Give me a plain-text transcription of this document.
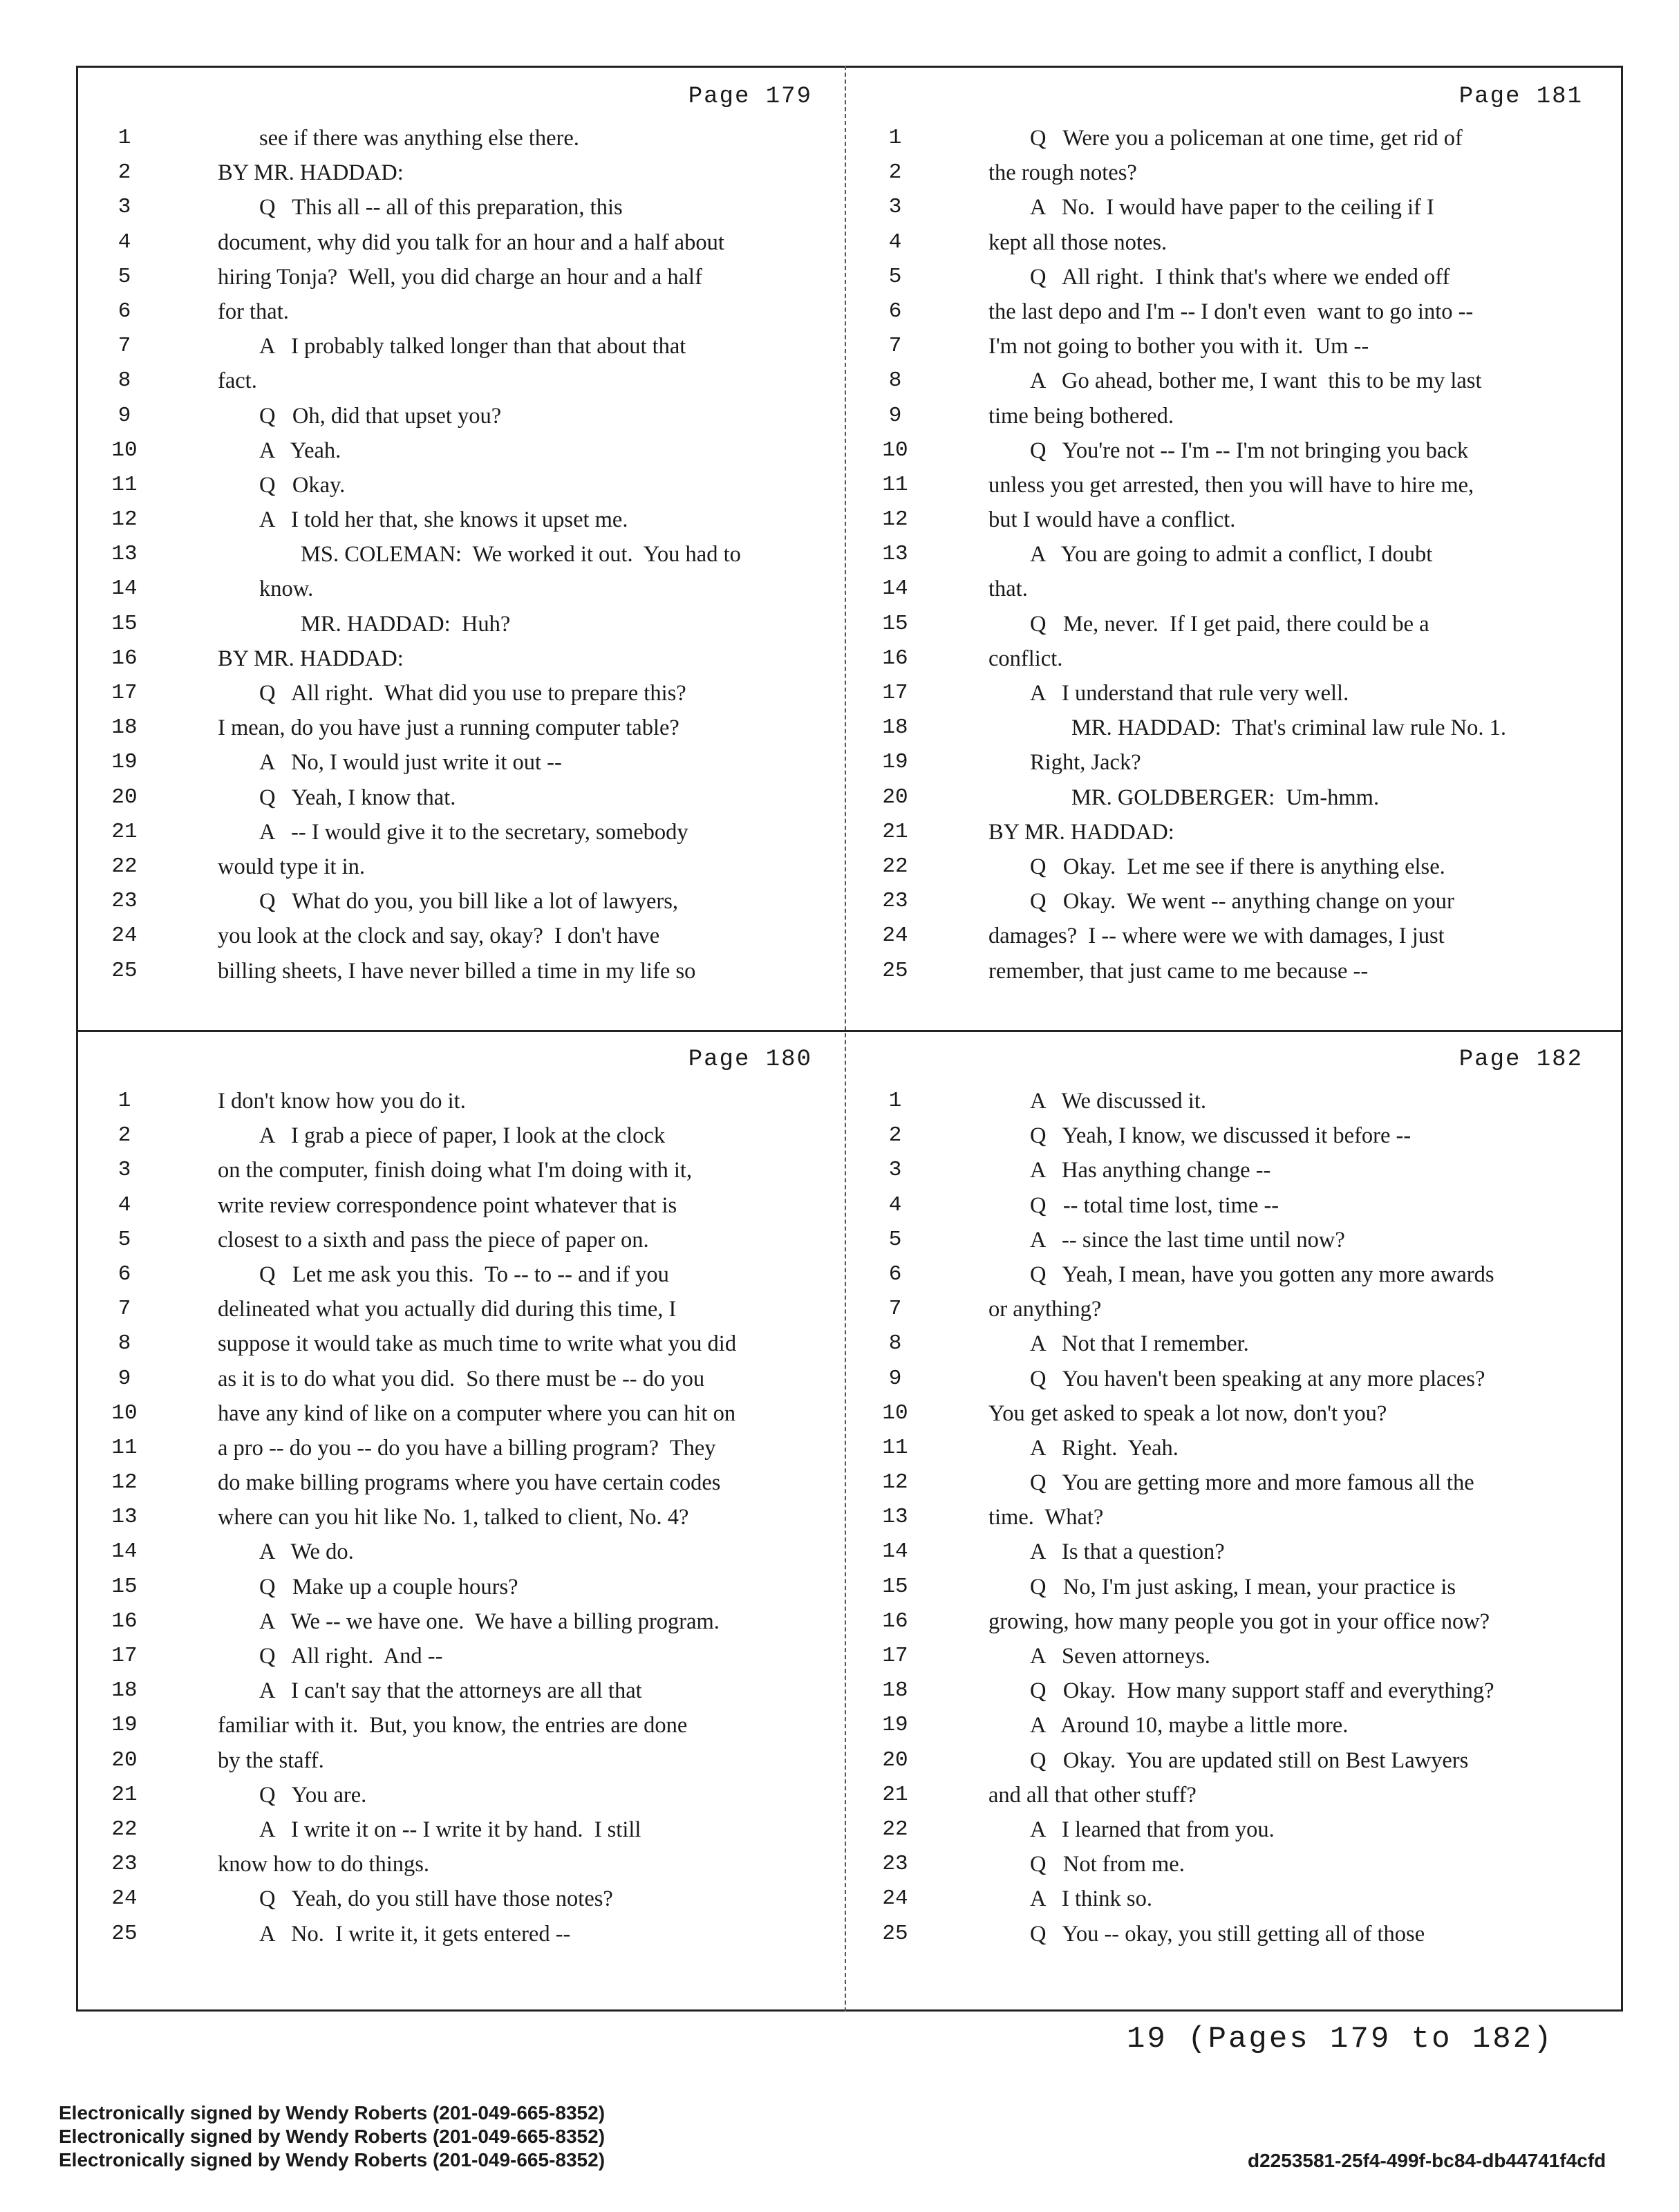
Page 179
1	see if there was anything else there.
2	BY MR. HADDAD:
3	Q   This all -- all of this preparation, this
4	document, why did you talk for an hour and a half about
5	hiring Tonja?  Well, you did charge an hour and a half
6	for that.
7	A   I probably talked longer than that about that
8	fact.
9	Q   Oh, did that upset you?
10	A   Yeah.
11	Q   Okay.
12	A   I told her that, she knows it upset me.
13	MS. COLEMAN:  We worked it out.  You had to
14	know.
15	MR. HADDAD:  Huh?
16	BY MR. HADDAD:
17	Q   All right.  What did you use to prepare this?
18	I mean, do you have just a running computer table?
19	A   No, I would just write it out --
20	Q   Yeah, I know that.
21	A   -- I would give it to the secretary, somebody
22	would type it in.
23	Q   What do you, you bill like a lot of lawyers,
24	you look at the clock and say, okay?  I don't have
25	billing sheets, I have never billed a time in my life so
Page 181
1	Q   Were you a policeman at one time, get rid of
2	the rough notes?
3	A   No.  I would have paper to the ceiling if I
4	kept all those notes.
5	Q   All right.  I think that's where we ended off
6	the last depo and I'm -- I don't even  want to go into --
7	I'm not going to bother you with it.  Um --
8	A   Go ahead, bother me, I want  this to be my last
9	time being bothered.
10	Q   You're not -- I'm -- I'm not bringing you back
11	unless you get arrested, then you will have to hire me,
12	but I would have a conflict.
13	A   You are going to admit a conflict, I doubt
14	that.
15	Q   Me, never.  If I get paid, there could be a
16	conflict.
17	A   I understand that rule very well.
18	MR. HADDAD:  That's criminal law rule No. 1.
19	Right, Jack?
20	MR. GOLDBERGER:  Um-hmm.
21	BY MR. HADDAD:
22	Q   Okay.  Let me see if there is anything else.
23	Q   Okay.  We went -- anything change on your
24	damages?  I -- where were we with damages, I just
25	remember, that just came to me because --
Page 180
1	I don't know how you do it.
2	A   I grab a piece of paper, I look at the clock
3	on the computer, finish doing what I'm doing with it,
4	write review correspondence point whatever that is
5	closest to a sixth and pass the piece of paper on.
6	Q   Let me ask you this.  To -- to -- and if you
7	delineated what you actually did during this time, I
8	suppose it would take as much time to write what you did
9	as it is to do what you did.  So there must be -- do you
10	have any kind of like on a computer where you can hit on
11	a pro -- do you -- do you have a billing program?  They
12	do make billing programs where you have certain codes
13	where can you hit like No. 1, talked to client, No. 4?
14	A   We do.
15	Q   Make up a couple hours?
16	A   We -- we have one.  We have a billing program.
17	Q   All right.  And --
18	A   I can't say that the attorneys are all that
19	familiar with it.  But, you know, the entries are done
20	by the staff.
21	Q   You are.
22	A   I write it on -- I write it by hand.  I still
23	know how to do things.
24	Q   Yeah, do you still have those notes?
25	A   No.  I write it, it gets entered --
Page 182
1	A   We discussed it.
2	Q   Yeah, I know, we discussed it before --
3	A   Has anything change --
4	Q   -- total time lost, time --
5	A   -- since the last time until now?
6	Q   Yeah, I mean, have you gotten any more awards
7	or anything?
8	A   Not that I remember.
9	Q   You haven't been speaking at any more places?
10	You get asked to speak a lot now, don't you?
11	A   Right.  Yeah.
12	Q   You are getting more and more famous all the
13	time.  What?
14	A   Is that a question?
15	Q   No, I'm just asking, I mean, your practice is
16	growing, how many people you got in your office now?
17	A   Seven attorneys.
18	Q   Okay.  How many support staff and everything?
19	A   Around 10, maybe a little more.
20	Q   Okay.  You are updated still on Best Lawyers
21	and all that other stuff?
22	A   I learned that from you.
23	Q   Not from me.
24	A   I think so.
25	Q   You -- okay, you still getting all of those
19 (Pages 179 to 182)
Electronically signed by Wendy Roberts (201-049-665-8352)
Electronically signed by Wendy Roberts (201-049-665-8352)
Electronically signed by Wendy Roberts (201-049-665-8352)	d2253581-25f4-499f-bc84-db44741f4cfd
